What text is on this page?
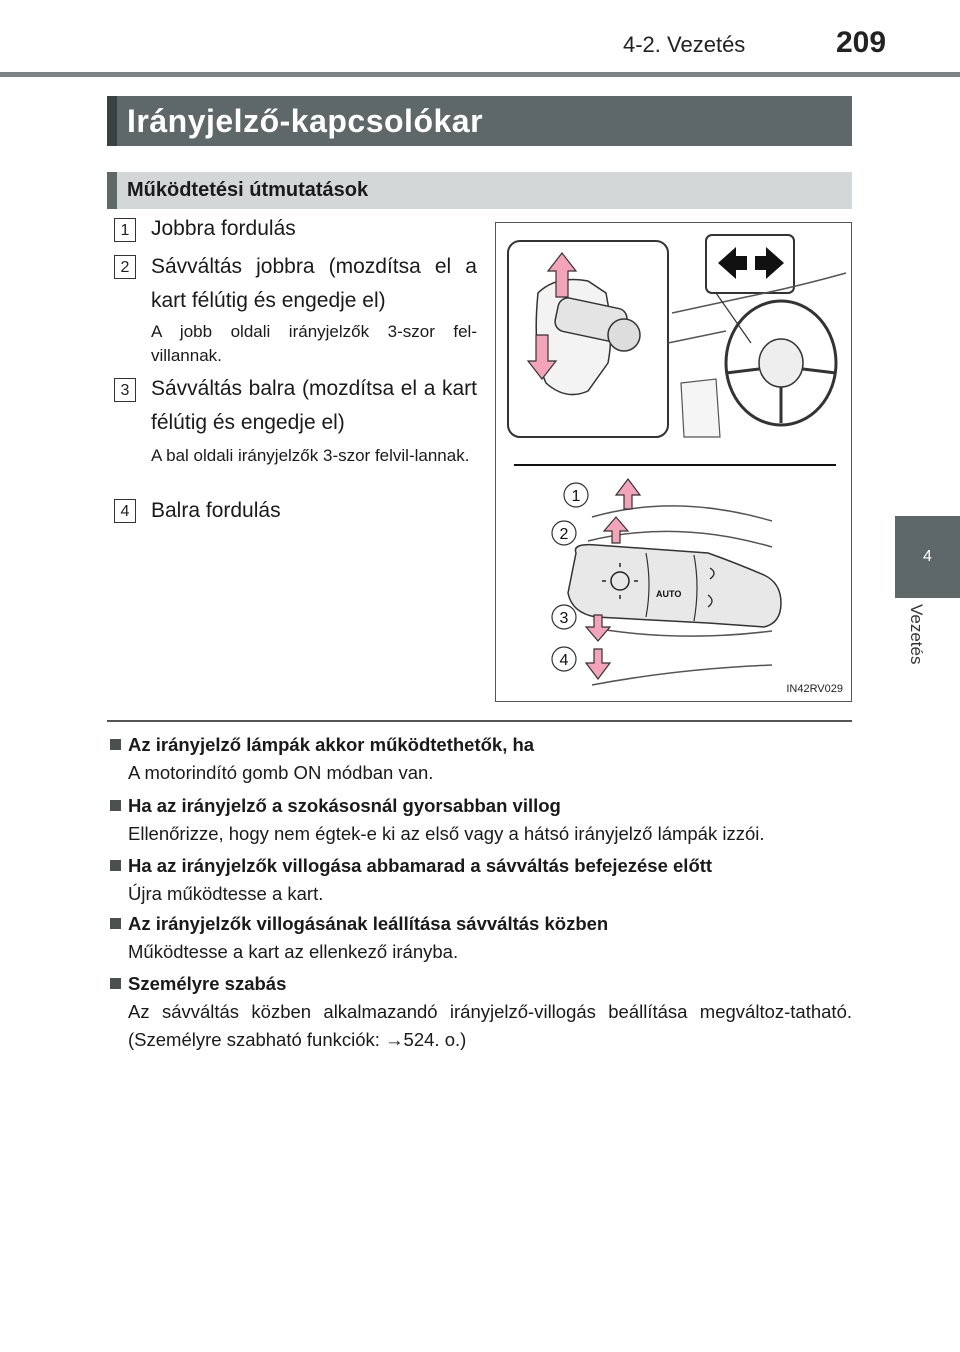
4-2. Vezetés	209
4
Vezetés
Irányjelző-kapcsolókar
Működtetési útmutatások
1	Jobbra fordulás
2	Sávváltás jobbra (mozdítsa el a kart félútig és engedje el)
A jobb oldali irányjelzők 3-szor fel-villannak.
3	Sávváltás balra (mozdítsa el a kart félútig és engedje el)
A bal oldali irányjelzők 3-szor felvil-lannak.
4	Balra fordulás
AUTO
1
2
3
4
IN42RV029
Az irányjelző lámpák akkor működtethetők, ha
A motorindító gomb ON módban van.
Ha az irányjelző a szokásosnál gyorsabban villog
Ellenőrizze, hogy nem égtek-e ki az első vagy a hátsó irányjelző lámpák izzói.
Ha az irányjelzők villogása abbamarad a sávváltás befejezése előtt
Újra működtesse a kart.
Az irányjelzők villogásának leállítása sávváltás közben
Működtesse a kart az ellenkező irányba.
Személyre szabás
Az sávváltás közben alkalmazandó irányjelző-villogás beállítása megváltoz-tatható. (Személyre szabható funkciók: →524. o.)
